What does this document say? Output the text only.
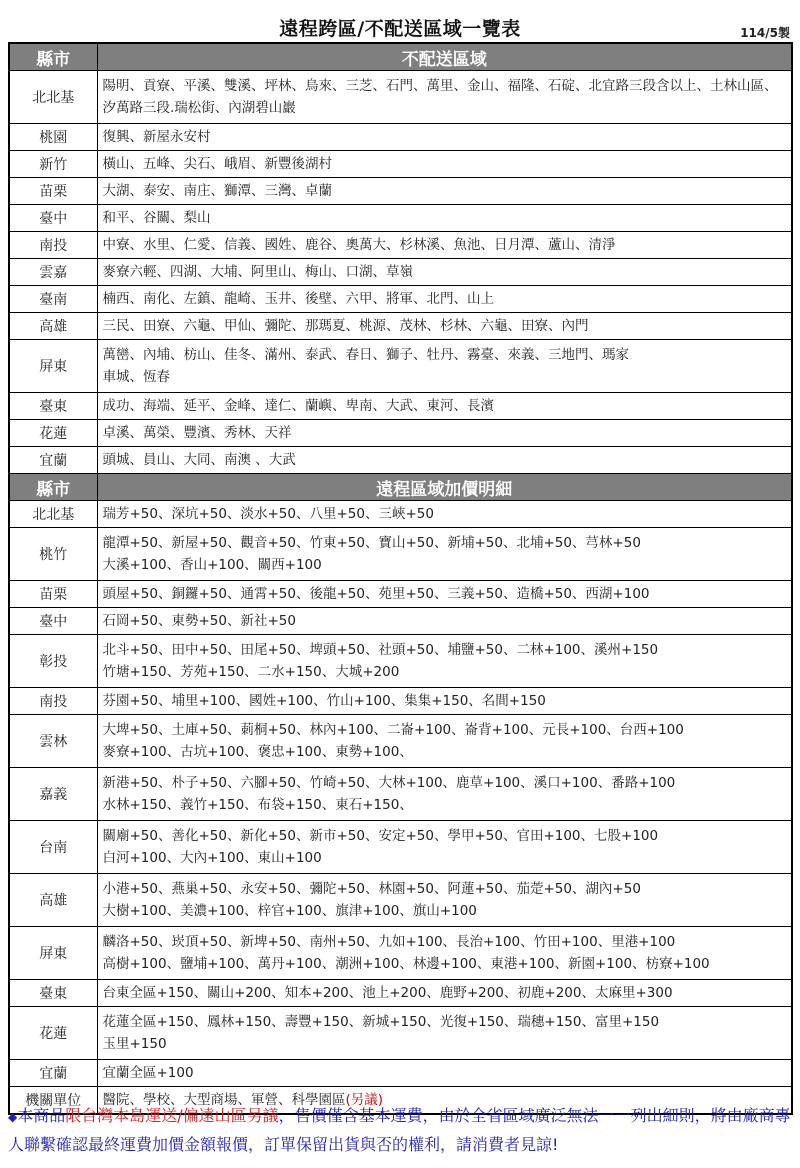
遠程跨區/不配送區域一覽表	114/5製
縣市	不配送區域
北北基	陽明、貢寮、平溪、雙溪、坪林、烏來、三芝、石門、萬里、金山、福隆、石碇、北宜路三段含以上、土林山區、汐萬路三段.瑞松街、內湖碧山巖
桃園	復興、新屋永安村
新竹	橫山、五峰、尖石、峨眉、新豐後湖村
苗栗	大湖、泰安、南庄、獅潭、三灣、卓蘭
臺中	和平、谷關、梨山
南投	中寮、水里、仁愛、信義、國姓、鹿谷、奧萬大、杉林溪、魚池、日月潭、蘆山、清淨
雲嘉	麥寮六輕、四湖、大埔、阿里山、梅山、口湖、草嶺
臺南	楠西、南化、左鎮、龍崎、玉井、後壁、六甲、將軍、北門、山上
高雄	三民、田寮、六龜、甲仙、彌陀、那瑪夏、桃源、茂林、杉林、六龜、田寮、內門
屏東	萬巒、內埔、枋山、佳冬、滿州、泰武、春日、獅子、牡丹、霧臺、來義、三地門、瑪家
車城、恆春

臺東	成功、海端、延平、金峰、達仁、蘭嶼、卑南、大武、東河、長濱
花蓮	卓溪、萬榮、豐濱、秀林、天祥
宜蘭	頭城、員山、大同、南澳 、大武
縣市	遠程區域加價明細
北北基	瑞芳+50、深坑+50、淡水+50、八里+50、三峽+50
桃竹	龍潭+50、新屋+50、觀音+50、竹東+50、寶山+50、新埔+50、北埔+50、芎林+50
大溪+100、香山+100、關西+100

苗栗	頭屋+50、銅鑼+50、通霄+50、後龍+50、苑里+50、三義+50、造橋+50、西湖+100
臺中	石岡+50、東勢+50、新社+50
彰投	北斗+50、田中+50、田尾+50、埤頭+50、社頭+50、埔鹽+50、二林+100、溪州+150
竹塘+150、芳苑+150、二水+150、大城+200

南投	芬園+50、埔里+100、國姓+100、竹山+100、集集+150、名間+150
雲林	大埤+50、土庫+50、莿桐+50、林內+100、二崙+100、崙背+100、元長+100、台西+100
麥寮+100、古坑+100、褒忠+100、東勢+100、

嘉義	新港+50、朴子+50、六腳+50、竹崎+50、大林+100、鹿草+100、溪口+100、番路+100
水林+150、義竹+150、布袋+150、東石+150、

台南	關廟+50、善化+50、新化+50、新市+50、安定+50、學甲+50、官田+100、七股+100
白河+100、大內+100、東山+100

高雄	小港+50、燕巢+50、永安+50、彌陀+50、林園+50、阿蓮+50、茄萣+50、湖內+50
大樹+100、美濃+100、梓官+100、旗津+100、旗山+100

屏東	麟洛+50、崁頂+50、新埤+50、南州+50、九如+100、長治+100、竹田+100、里港+100
高樹+100、鹽埔+100、萬丹+100、潮洲+100、林邊+100、東港+100、新園+100、枋寮+100

臺東	台東全區+150、關山+200、知本+200、池上+200、鹿野+200、初鹿+200、太麻里+300
花蓮	花蓮全區+150、鳳林+150、壽豐+150、新城+150、光復+150、瑞穗+150、富里+150
玉里+150

宜蘭	宜蘭全區+100
機關單位	醫院、學校、大型商場、軍營、科學園區(另議)
◆本商品限台灣本島運送/偏遠山區另議，售價僅含基本運費，由於全省區域廣泛無法一一列出細則，將由廠商專人聯繫確認最終運費加價金額報價，訂單保留出貨與否的權利，請消費者見諒!
